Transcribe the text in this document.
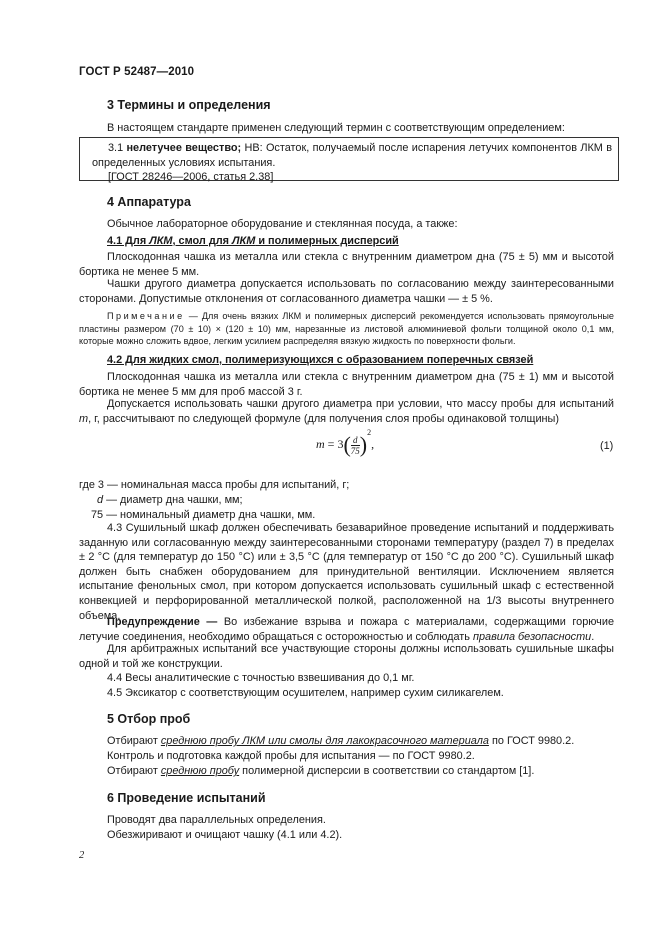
ГОСТ Р 52487—2010
3 Термины и определения
В настоящем стандарте применен следующий термин с соответствующим определением:
3.1 нелетучее вещество; НВ: Остаток, получаемый после испарения летучих компонентов ЛКМ в определенных условиях испытания.
[ГОСТ 28246—2006, статья 2.38]
4 Аппаратура
Обычное лабораторное оборудование и стеклянная посуда, а также:
4.1 Для ЛКМ, смол для ЛКМ и полимерных дисперсий
Плоскодонная чашка из металла или стекла с внутренним диаметром дна (75 ± 5) мм и высотой бортика не менее 5 мм.
Чашки другого диаметра допускается использовать по согласованию между заинтересованными сторонами. Допустимые отклонения от согласованного диаметра чашки — ± 5 %.
Примечание — Для очень вязких ЛКМ и полимерных дисперсий рекомендуется использовать прямоугольные пластины размером (70 ± 10) × (120 ± 10) мм, нарезанные из листовой алюминиевой фольги толщиной около 0,1 мм, которые можно сложить вдвое, легким усилием распределяя вязкую жидкость по поверхности фольги.
4.2 Для жидких смол, полимеризующихся с образованием поперечных связей
Плоскодонная чашка из металла или стекла с внутренним диаметром дна (75 ± 1) мм и высотой бортика не менее 5 мм для проб массой 3 г.
Допускается использовать чашки другого диаметра при условии, что массу пробы для испытаний m, г, рассчитывают по следующей формуле (для получения слоя пробы одинаковой толщины)
$m = 3( \frac{d}{75} )^2$,	(1)
где 3 — номинальная масса пробы для испытаний, г;
d — диаметр дна чашки, мм;
75 — номинальный диаметр дна чашки, мм.
4.3 Сушильный шкаф должен обеспечивать безаварийное проведение испытаний и поддерживать заданную или согласованную между заинтересованными сторонами температуру (раздел 7) в пределах ± 2 °С (для температур до 150 °С) или ± 3,5 °С (для температур от 150 °С до 200 °С). Сушильный шкаф должен быть снабжен оборудованием для принудительной вентиляции. Исключением является испытание фенольных смол, при котором допускается использовать сушильный шкаф с естественной конвекцией и перфорированной металлической полкой, расположенной на 1/3 высоты внутреннего объема.
Предупреждение — Во избежание взрыва и пожара с материалами, содержащими горючие летучие соединения, необходимо обращаться с осторожностью и соблюдать правила безопасности.
Для арбитражных испытаний все участвующие стороны должны использовать сушильные шкафы одной и той же конструкции.
4.4 Весы аналитические с точностью взвешивания до 0,1 мг.
4.5 Эксикатор с соответствующим осушителем, например сухим силикагелем.
5 Отбор проб
Отбирают среднюю пробу ЛКМ или смолы для лакокрасочного материала по ГОСТ 9980.2.
Контроль и подготовка каждой пробы для испытания — по ГОСТ 9980.2.
Отбирают среднюю пробу полимерной дисперсии в соответствии со стандартом [1].
6 Проведение испытаний
Проводят два параллельных определения.
Обезжиривают и очищают чашку (4.1 или 4.2).
2
